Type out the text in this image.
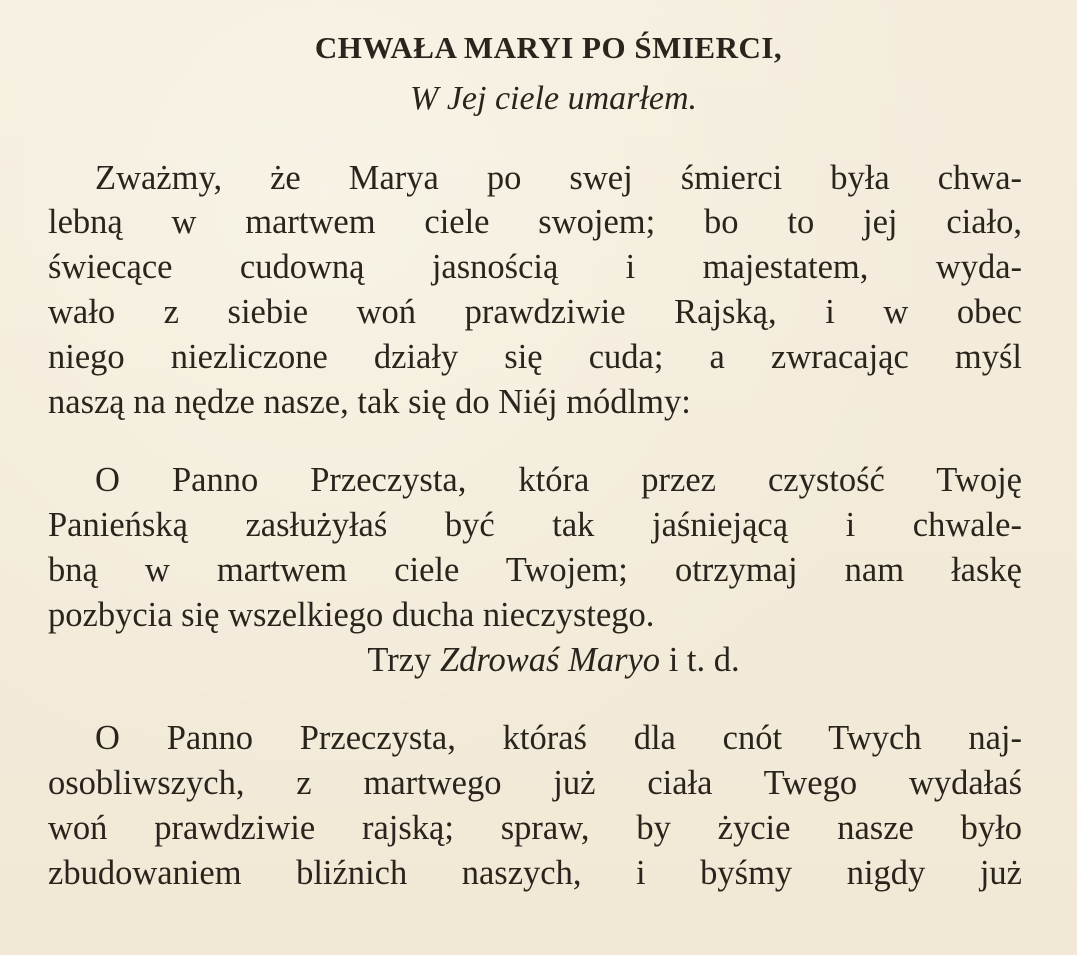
CHWAŁA MARYI PO ŚMIERCI,
W Jej ciele umarłem.
Zważmy, że Marya po swej śmierci była chwa-
lebną w martwem ciele swojem; bo to jej ciało,
świecące cudowną jasnością i majestatem, wyda-
wało z siebie woń prawdziwie Rajską, i w obec
niego niezliczone działy się cuda; a zwracając myśl
naszą na nędze nasze, tak się do Niéj módlmy:
O Panno Przeczysta, która przez czystość Twoję
Panieńską zasłużyłaś być tak jaśniejącą i chwale-
bną w martwem ciele Twojem; otrzymaj nam łaskę
pozbycia się wszelkiego ducha nieczystego.
Trzy Zdrowaś Maryo i t. d.
O Panno Przeczysta, któraś dla cnót Twych naj-
osobliwszych, z martwego już ciała Twego wydałaś
woń prawdziwie rajską; spraw, by życie nasze było
zbudowaniem bliźnich naszych, i byśmy nigdy już
